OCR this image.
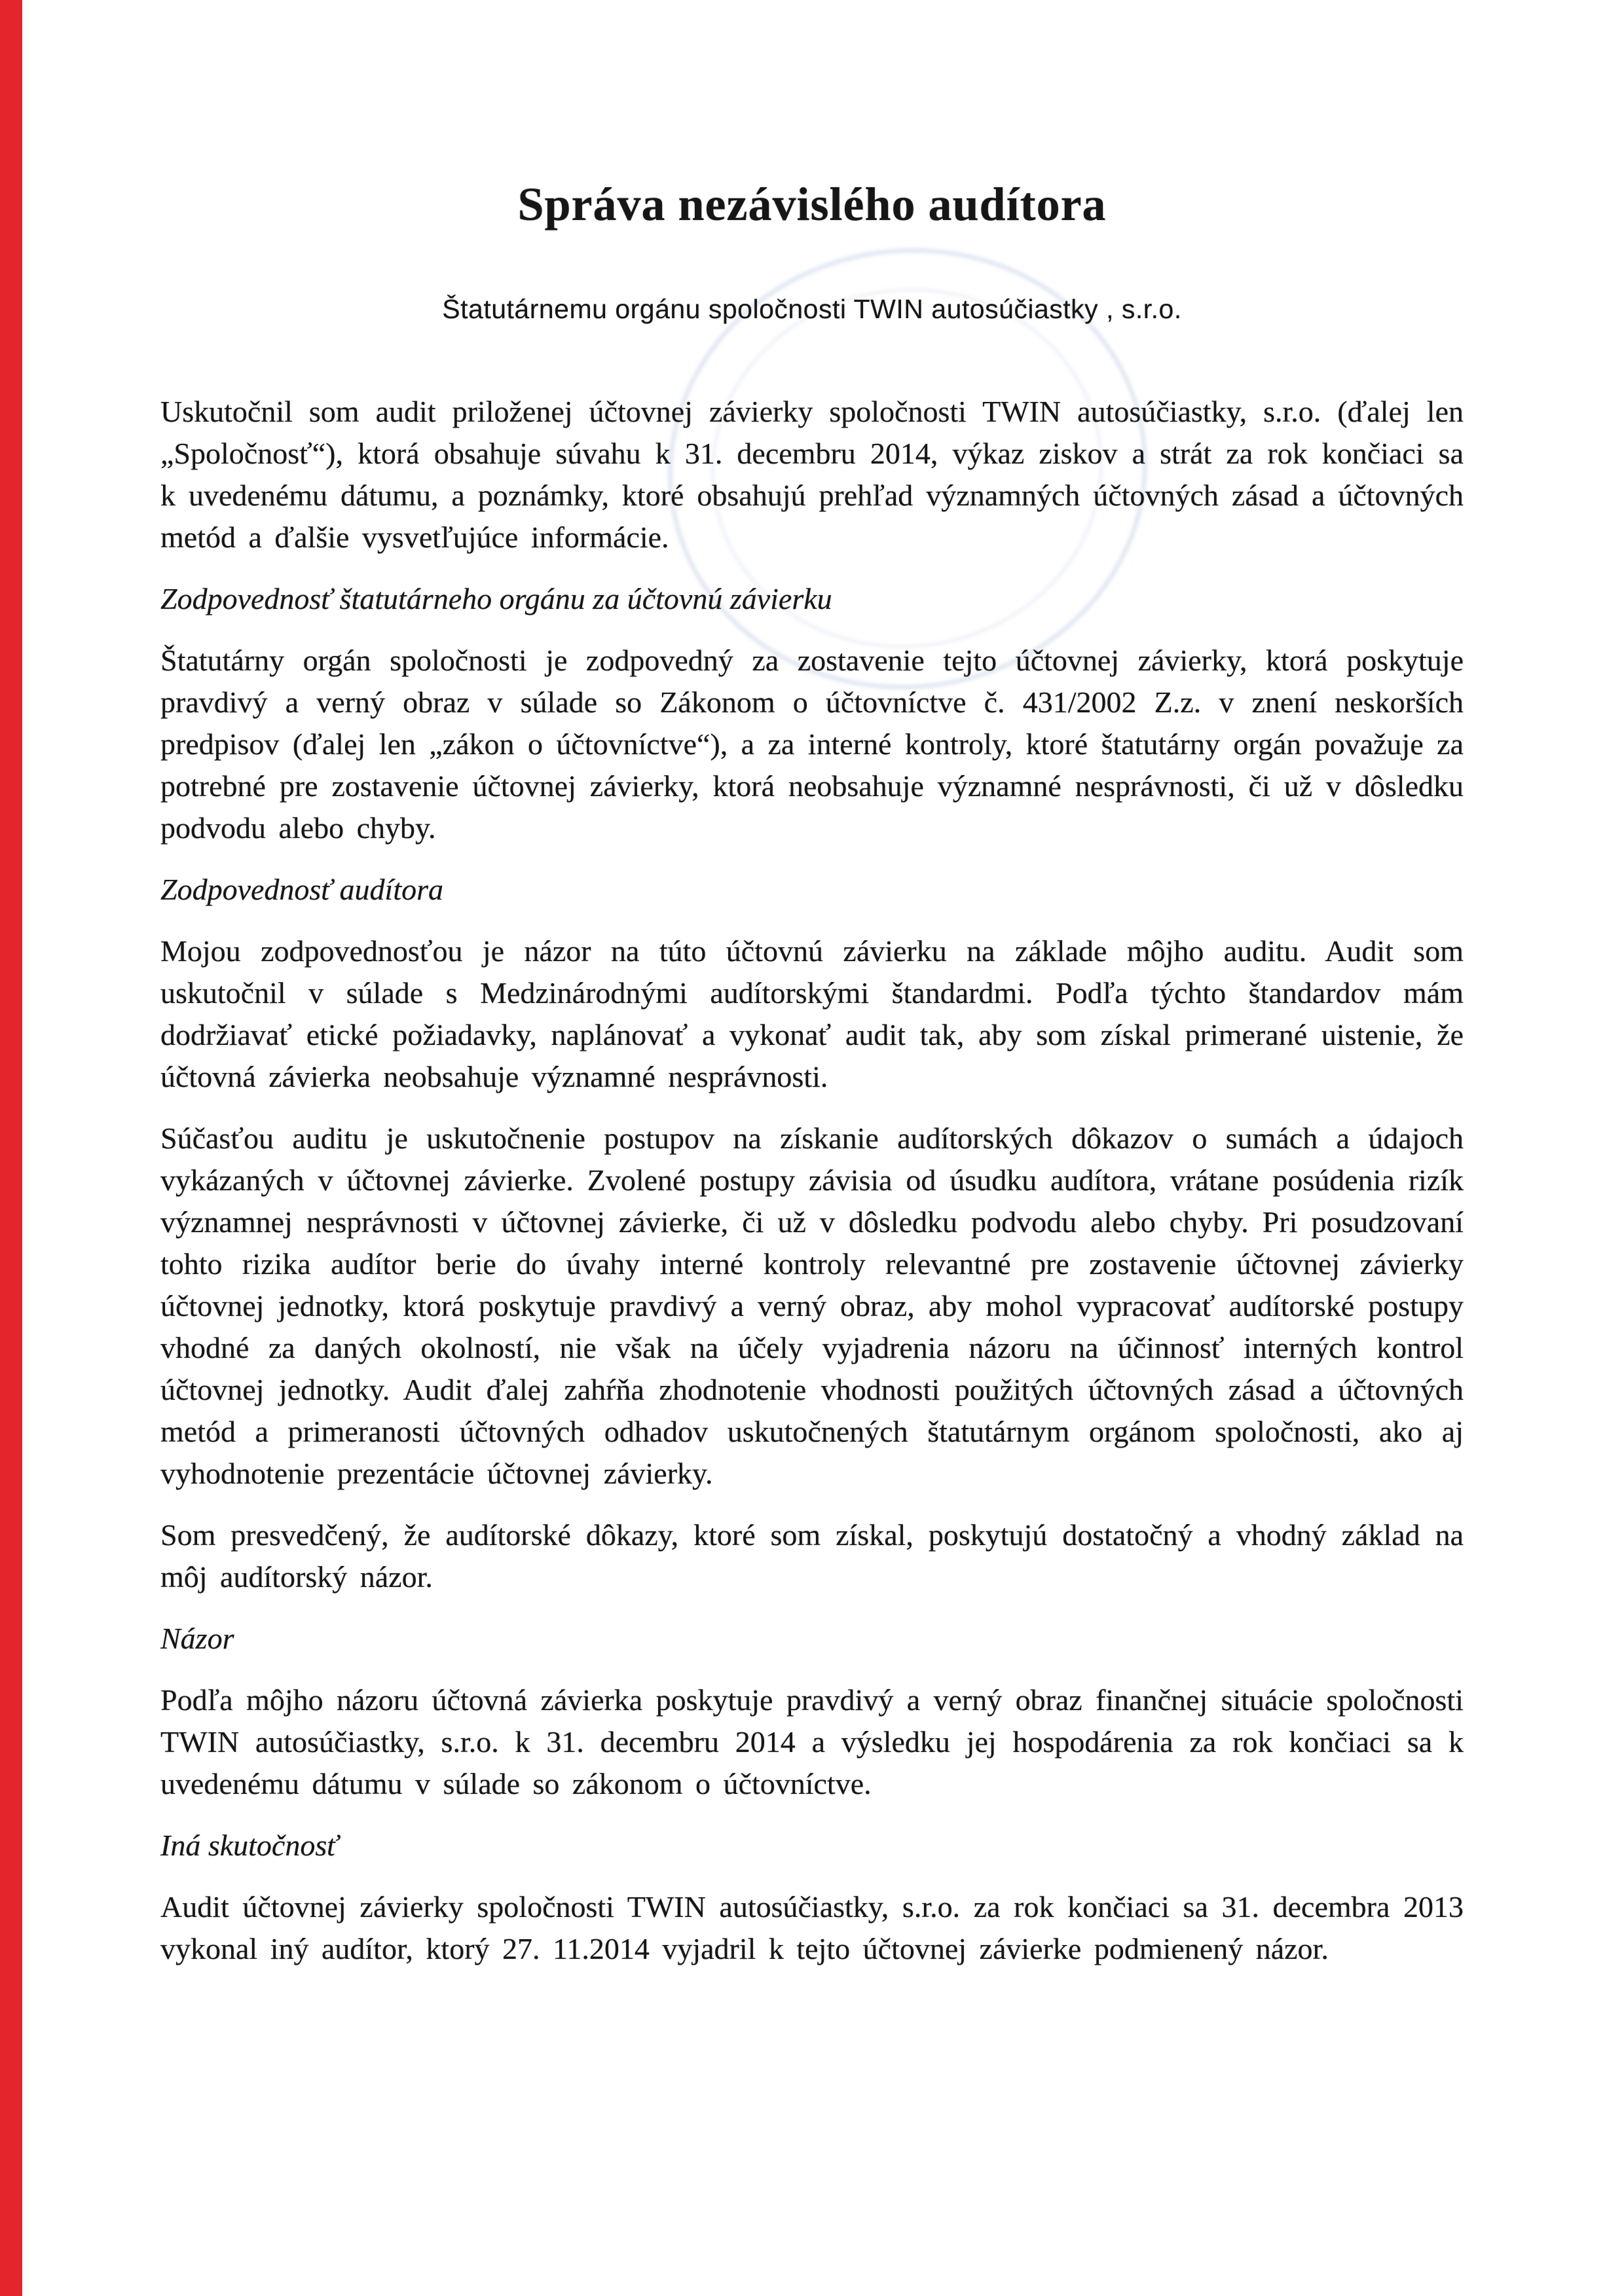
Správa nezávislého audítora
Štatutárnemu orgánu spoločnosti TWIN autosúčiastky , s.r.o.

Uskutočnil som audit priloženej účtovnej závierky spoločnosti TWIN autosúčiastky, s.r.o. (ďalej len „Spoločnosť“), ktorá obsahuje súvahu k 31. decembru 2014, výkaz ziskov a strát za rok končiaci sa k uvedenému dátumu, a poznámky, ktoré obsahujú prehľad významných účtovných zásad a účtovných metód a ďalšie vysvetľujúce informácie.

Zodpovednosť štatutárneho orgánu za účtovnú závierku

Štatutárny orgán spoločnosti je zodpovedný za zostavenie tejto účtovnej závierky, ktorá poskytuje pravdivý a verný obraz v súlade so Zákonom o účtovníctve č. 431/2002 Z.z. v znení neskorších predpisov (ďalej len „zákon o účtovníctve“), a za interné kontroly, ktoré štatutárny orgán považuje za potrebné pre zostavenie účtovnej závierky, ktorá neobsahuje významné nesprávnosti, či už v dôsledku podvodu alebo chyby.

Zodpovednosť audítora

Mojou zodpovednosťou je názor na túto účtovnú závierku na základe môjho auditu. Audit som uskutočnil v súlade s Medzinárodnými audítorskými štandardmi. Podľa týchto štandardov mám dodržiavať etické požiadavky, naplánovať a vykonať audit tak, aby som získal primerané uistenie, že účtovná závierka neobsahuje významné nesprávnosti.

Súčasťou auditu je uskutočnenie postupov na získanie audítorských dôkazov o sumách a údajoch vykázaných v účtovnej závierke. Zvolené postupy závisia od úsudku audítora, vrátane posúdenia rizík významnej nesprávnosti v účtovnej závierke, či už v dôsledku podvodu alebo chyby. Pri posudzovaní tohto rizika audítor berie do úvahy interné kontroly relevantné pre zostavenie účtovnej závierky účtovnej jednotky, ktorá poskytuje pravdivý a verný obraz, aby mohol vypracovať audítorské postupy vhodné za daných okolností, nie však na účely vyjadrenia názoru na účinnosť interných kontrol účtovnej jednotky. Audit ďalej zahŕňa zhodnotenie vhodnosti použitých účtovných zásad a účtovných metód a primeranosti účtovných odhadov uskutočnených štatutárnym orgánom spoločnosti, ako aj vyhodnotenie prezentácie účtovnej závierky.

Som presvedčený, že audítorské dôkazy, ktoré som získal, poskytujú dostatočný a vhodný základ na môj audítorský názor.

Názor

Podľa môjho názoru účtovná závierka poskytuje pravdivý a verný obraz finančnej situácie spoločnosti TWIN autosúčiastky, s.r.o. k 31. decembru 2014 a výsledku jej hospodárenia za rok končiaci sa k uvedenému dátumu v súlade so zákonom o účtovníctve.

Iná skutočnosť

Audit účtovnej závierky spoločnosti TWIN autosúčiastky, s.r.o. za rok končiaci sa 31. decembra 2013 vykonal iný audítor, ktorý 27. 11.2014 vyjadril k tejto účtovnej závierke podmienený názor.
